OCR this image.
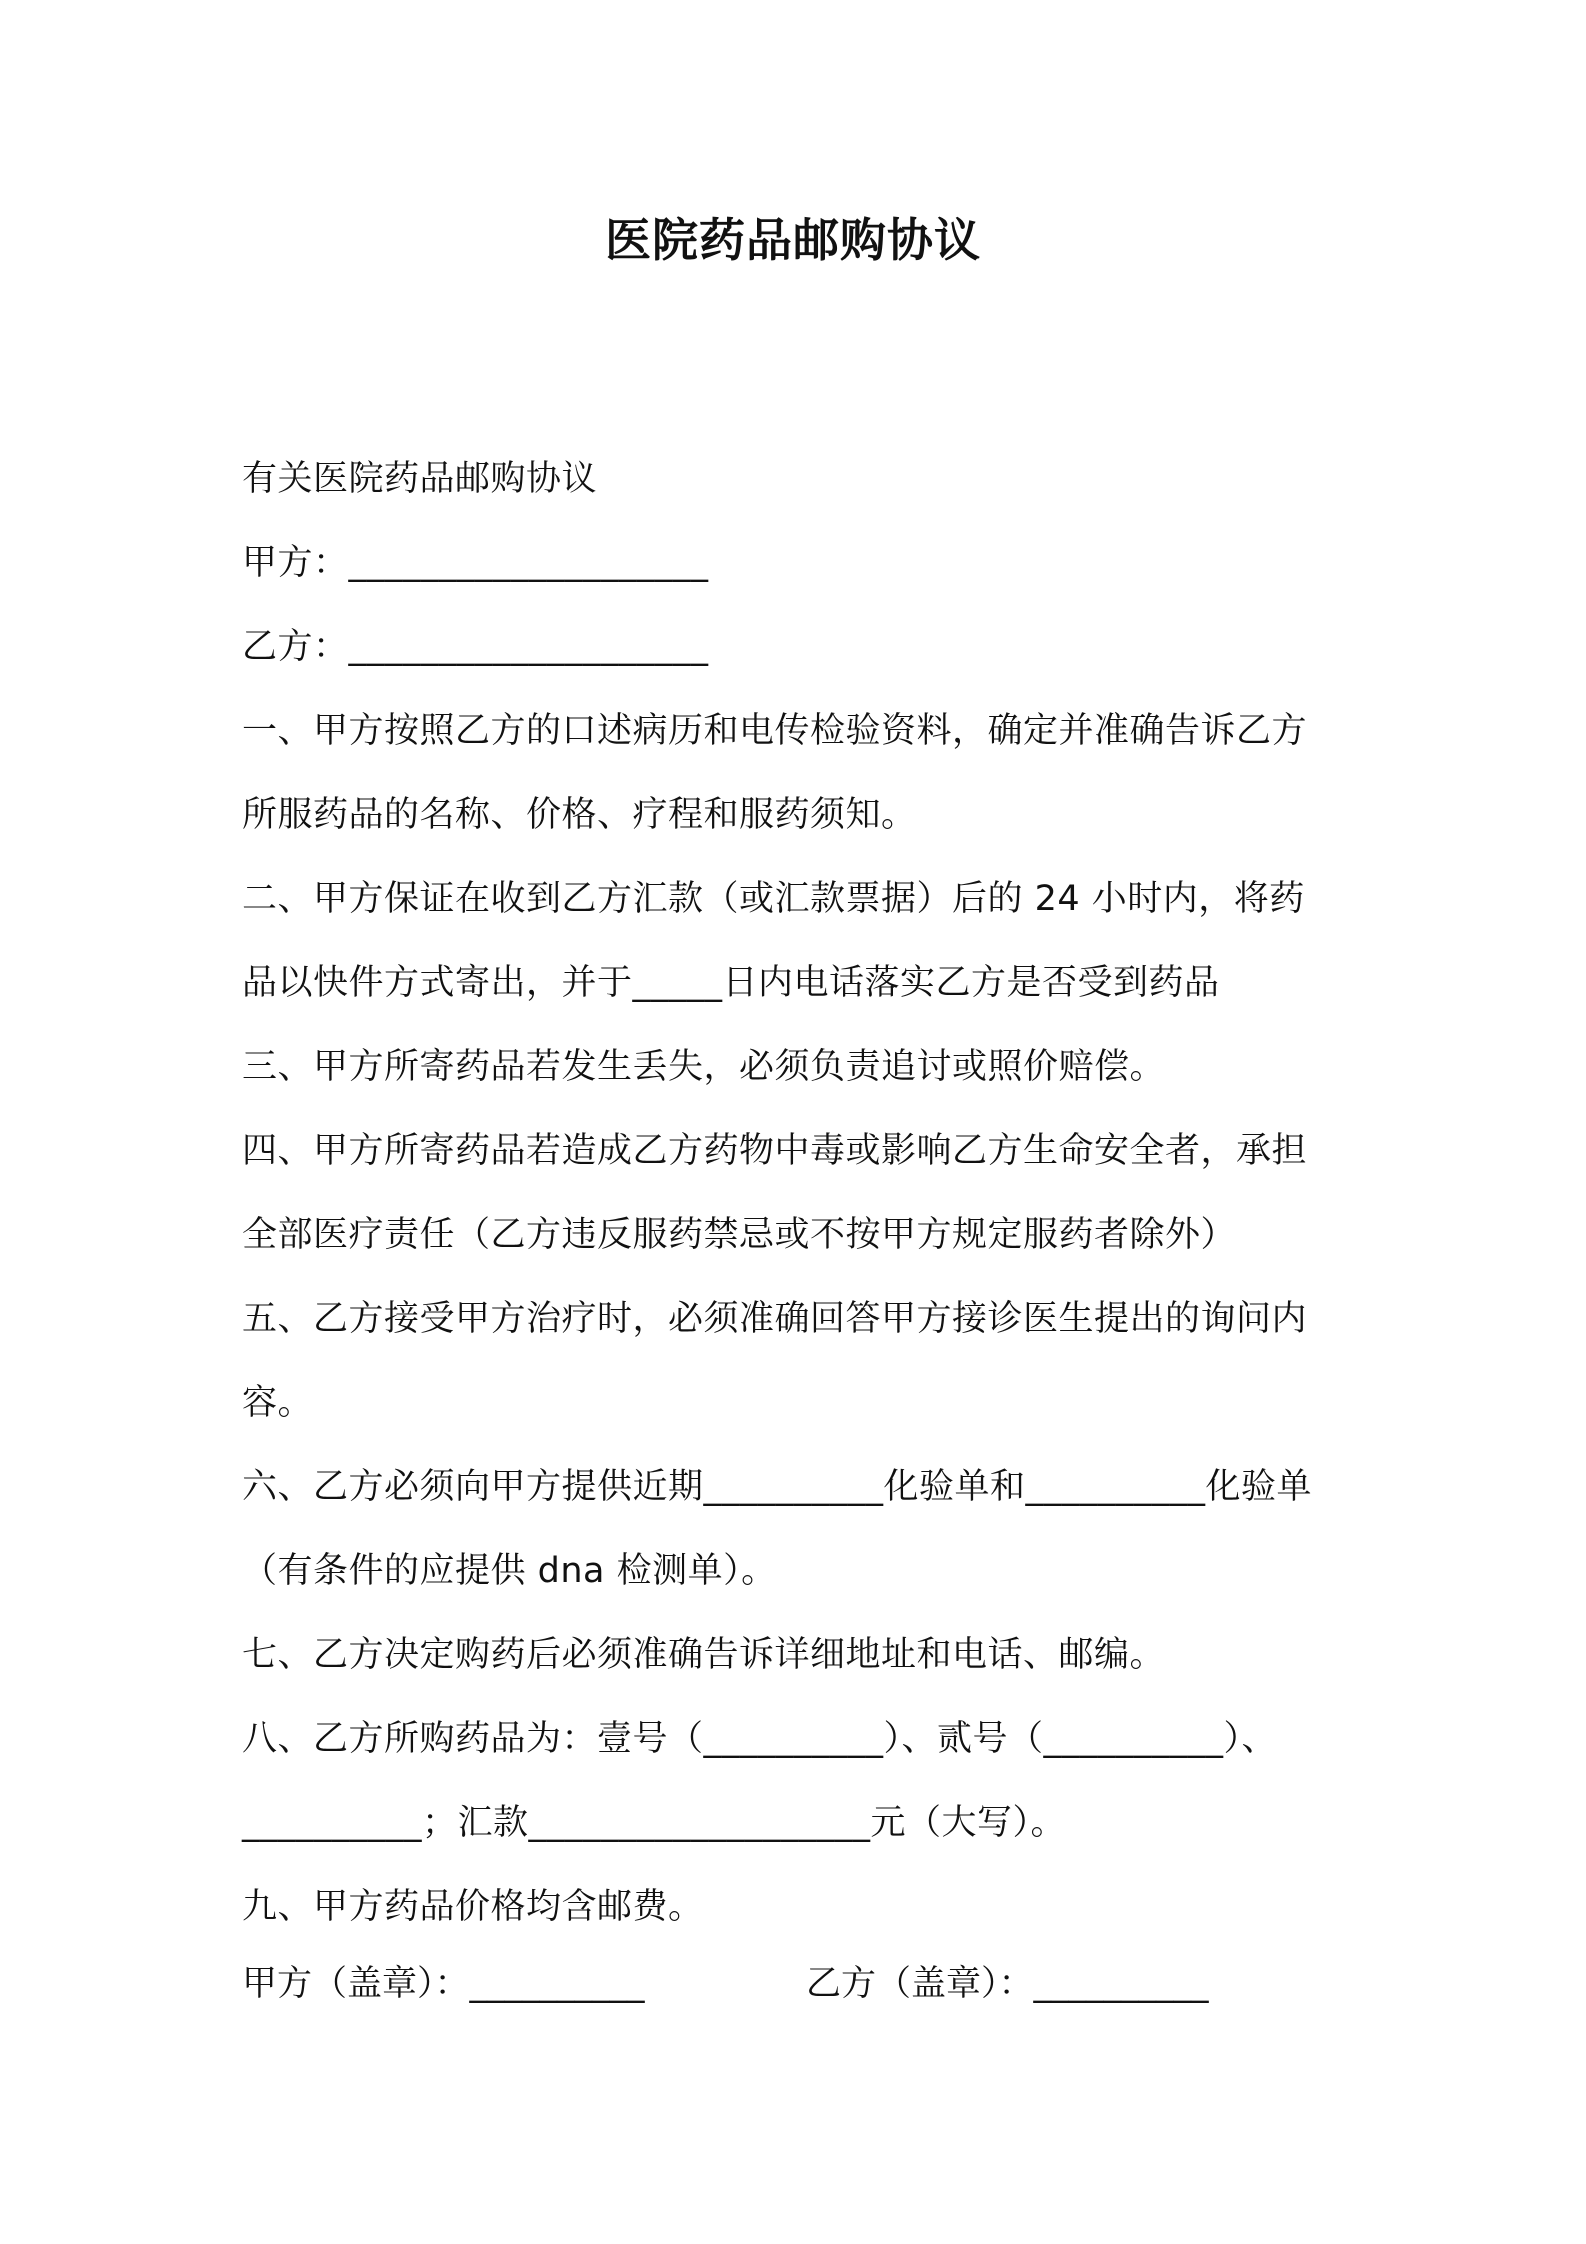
医院药品邮购协议
有关医院药品邮购协议
甲方：____________________
乙方：____________________
一、甲方按照乙方的口述病历和电传检验资料，确定并准确告诉乙方
所服药品的名称、价格、疗程和服药须知。
二、甲方保证在收到乙方汇款（或汇款票据）后的 24 小时内，将药
品以快件方式寄出，并于_____日内电话落实乙方是否受到药品
三、甲方所寄药品若发生丢失，必须负责追讨或照价赔偿。
四、甲方所寄药品若造成乙方药物中毒或影响乙方生命安全者，承担
全部医疗责任（乙方违反服药禁忌或不按甲方规定服药者除外）
五、乙方接受甲方治疗时，必须准确回答甲方接诊医生提出的询问内
容。
六、乙方必须向甲方提供近期__________化验单和__________化验单
（有条件的应提供 dna 检测单）。
七、乙方决定购药后必须准确告诉详细地址和电话、邮编。
八、乙方所购药品为：壹号（__________）、贰号（__________）、
__________；汇款___________________元（大写）。
九、甲方药品价格均含邮费。
甲方（盖章）：__________	乙方（盖章）：__________
